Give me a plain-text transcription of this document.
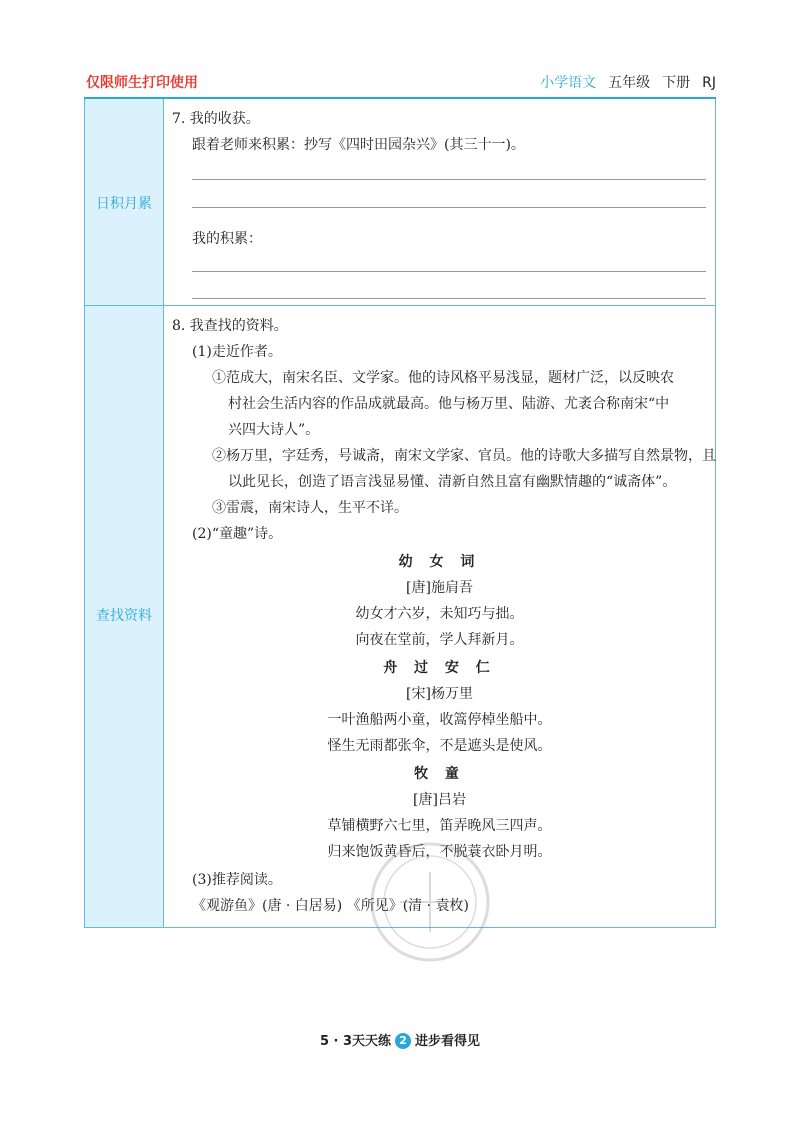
仅限师生打印使用	小学语文 五年级 下册 RJ
日积月累
查找资料
7. 我的收获。
跟着老师来积累：抄写《四时田园杂兴》(其三十一)。
我的积累：
8. 我查找的资料。
(1)走近作者。
①范成大，南宋名臣、文学家。他的诗风格平易浅显，题材广泛，以反映农
村社会生活内容的作品成就最高。他与杨万里、陆游、尤袤合称南宋“中
兴四大诗人”。
②杨万里，字廷秀，号诚斋，南宋文学家、官员。他的诗歌大多描写自然景物，且
以此见长，创造了语言浅显易懂、清新自然且富有幽默情趣的“诚斋体”。
③雷震，南宋诗人，生平不详。
(2)“童趣”诗。
幼 女 词
[唐]施肩吾
幼女才六岁，未知巧与拙。
向夜在堂前，学人拜新月。
舟 过 安 仁
[宋]杨万里
一叶渔船两小童，收篙停棹坐船中。
怪生无雨都张伞，不是遮头是使风。
牧 童
[唐]吕岩
草铺横野六七里，笛弄晚风三四声。
归来饱饭黄昏后，不脱蓑衣卧月明。
(3)推荐阅读。
《观游鱼》(唐 · 白居易) 《所见》(清 · 袁枚)
5 · 3天天练 2 进步看得见
